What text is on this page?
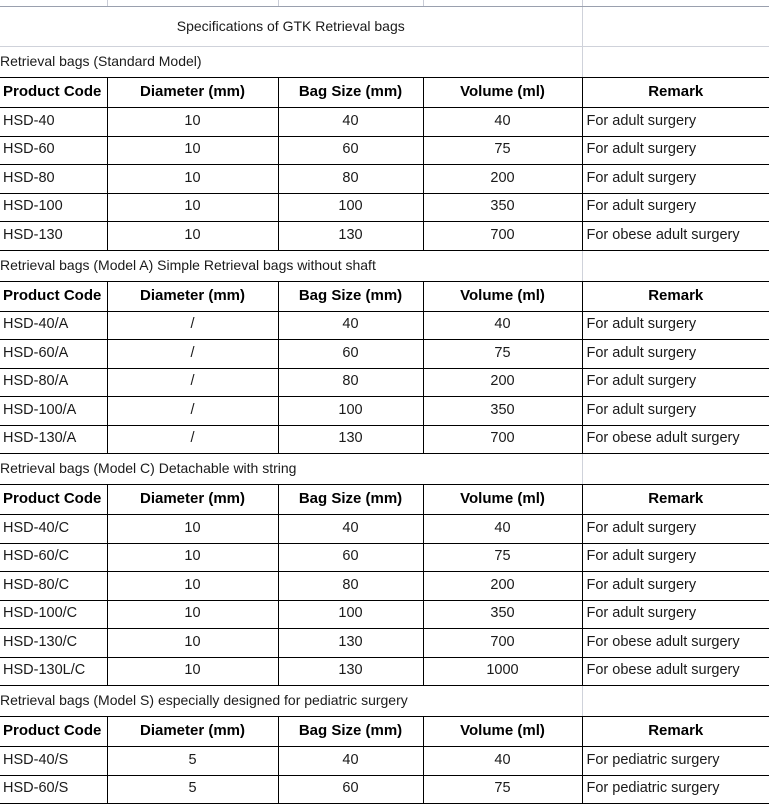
Specifications of GTK Retrieval bags				
Retrieval bags (Standard Model)				
Product Code	Diameter (mm)	Bag Size (mm)	Volume (ml)	Remark
HSD-40	10	40	40	For adult surgery
HSD-60	10	60	75	For adult surgery
HSD-80	10	80	200	For adult surgery
HSD-100	10	100	350	For adult surgery
HSD-130	10	130	700	For obese adult surgery
Retrieval bags (Model A) Simple Retrieval bags without shaft				
Product Code	Diameter (mm)	Bag Size (mm)	Volume (ml)	Remark
HSD-40/A	/	40	40	For adult surgery
HSD-60/A	/	60	75	For adult surgery
HSD-80/A	/	80	200	For adult surgery
HSD-100/A	/	100	350	For adult surgery
HSD-130/A	/	130	700	For obese adult surgery
Retrieval bags (Model C) Detachable with string				
Product Code	Diameter (mm)	Bag Size (mm)	Volume (ml)	Remark
HSD-40/C	10	40	40	For adult surgery
HSD-60/C	10	60	75	For adult surgery
HSD-80/C	10	80	200	For adult surgery
HSD-100/C	10	100	350	For adult surgery
HSD-130/C	10	130	700	For obese adult surgery
HSD-130L/C	10	130	1000	For obese adult surgery
Retrieval bags (Model S) especially designed for pediatric surgery				
Product Code	Diameter (mm)	Bag Size (mm)	Volume (ml)	Remark
HSD-40/S	5	40	40	For pediatric surgery
HSD-60/S	5	60	75	For pediatric surgery
